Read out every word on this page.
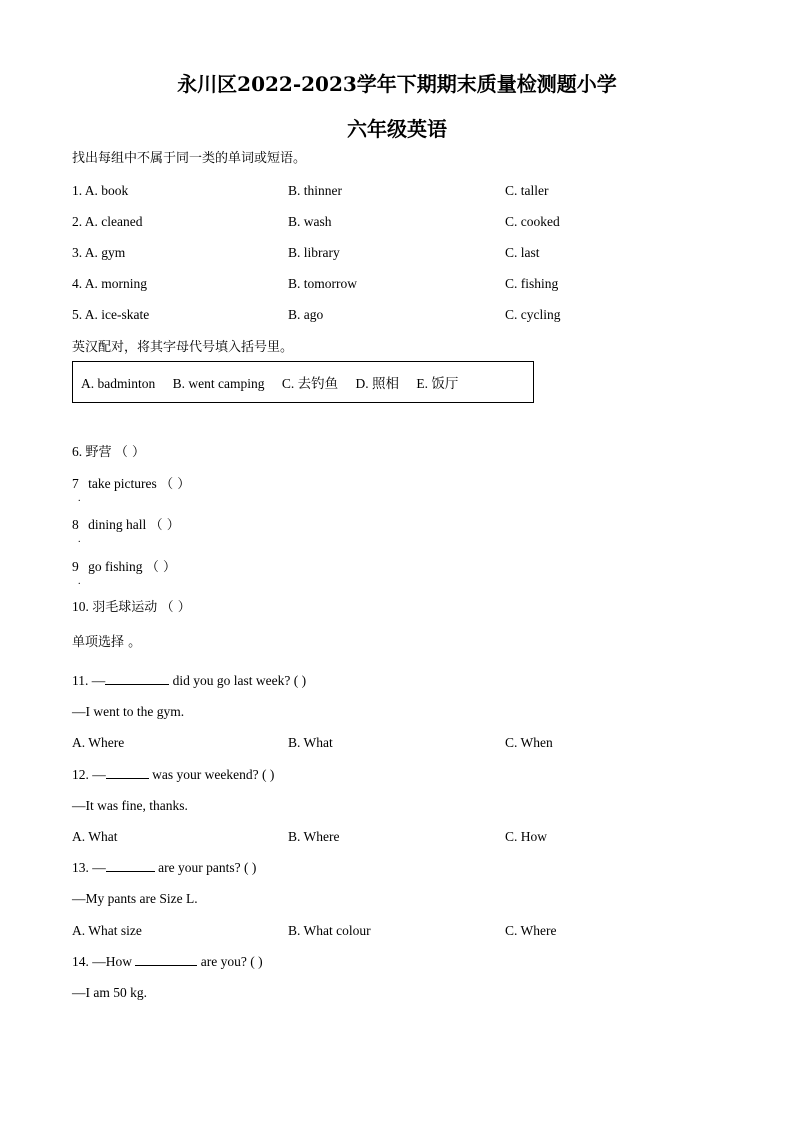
永川区2022-2023学年下期期末质量检测题小学
六年级英语
找出每组中不属于同一类的单词或短语。
1. A. book	B. thinner	C. taller
2. A. cleaned	B. wash	C. cooked
3. A. gym	B. library	C. last
4. A. morning	B. tomorrow	C. fishing
5. A. ice-skate	B. ago	C. cycling
英汉配对，将其字母代号填入括号里。
A. badminton B. went camping C. 去钓鱼 D. 照相 E. 饭厅
6. 野营 （ ）
7 take pictures （ ）
.
8 dining hall （ ）
.
9 go fishing （ ）
.
10. 羽毛球运动 （ ）
单项选择 。
11. —	did you go last week? ( )
—I went to the gym.
A. Where	B. What	C. When
12. —	was your weekend? ( )
—It was fine, thanks.
A. What	B. Where	C. How
13. —	are your pants? ( )
—My pants are Size L.
A. What size	B. What colour	C. Where
14. —How	are you? ( )
—I am 50 kg.
